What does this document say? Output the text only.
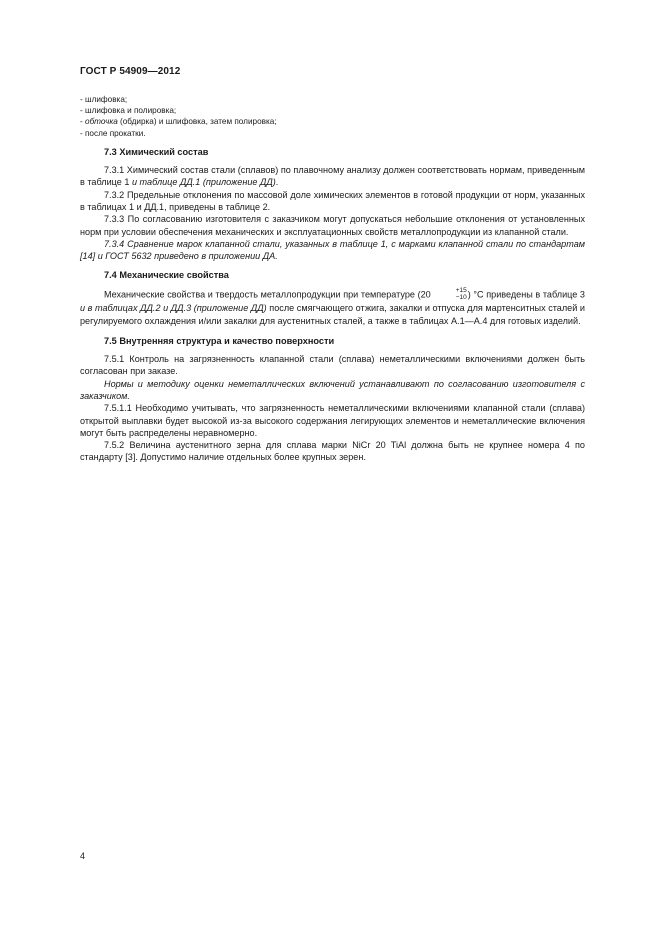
ГОСТ Р 54909—2012

- шлифовка;

- шлифовка и полировка;

- обточка (обдирка) и шлифовка, затем полировка;

- после прокатки.

7.3 Химический состав

7.3.1 Химический состав стали (сплавов) по плавочному анализу должен соответствовать нормам, приведенным в таблице 1 и таблице ДД.1 (приложение ДД).

7.3.2 Предельные отклонения по массовой доле химических элементов в готовой продукции от норм, указанных в таблицах 1 и ДД.1, приведены в таблице 2.

7.3.3 По согласованию изготовителя с заказчиком могут допускаться небольшие отклонения от установленных норм при условии обеспечения механических и эксплуатационных свойств металлопродукции из клапанной стали.

7.3.4 Сравнение марок клапанной стали, указанных в таблице 1, с марками клапанной стали по стандартам [14] и ГОСТ 5632 приведено в приложении ДА.

7.4 Механические свойства

Механические свойства и твердость металлопродукции при температуре (20	+15
−10 ) °С приведены в таблице 3 и в таблицах ДД.2 и ДД.3 (приложение ДД) после смягчающего отжига, закалки и отпуска для мартенситных сталей и регулируемого охлаждения и/или закалки для аустенитных сталей, а также в таблицах А.1—А.4 для готовых изделий.

7.5 Внутренняя структура и качество поверхности

7.5.1 Контроль на загрязненность клапанной стали (сплава) неметаллическими включениями должен быть согласован при заказе.

Нормы и методику оценки неметаллических включений устанавливают по согласованию изготовителя с заказчиком.

7.5.1.1 Необходимо учитывать, что загрязненность неметаллическими включениями клапанной стали (сплава) открытой выплавки будет высокой из-за высокого содержания легирующих элементов и неметаллические включения могут быть распределены неравномерно.

7.5.2 Величина аустенитного зерна для сплава марки NiCr 20 TiAl должна быть не крупнее номера 4 по стандарту [3]. Допустимо наличие отдельных более крупных зерен.

4
